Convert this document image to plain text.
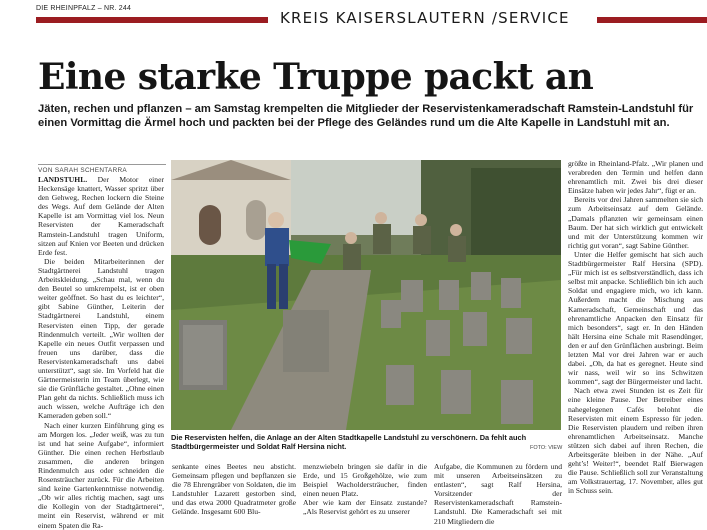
DIE RHEINPFALZ – NR. 244
KREIS KAISERSLAUTERN /SERVICE
Eine starke Truppe packt an
Jäten, rechen und pflanzen – am Samstag krempelten die Mitglieder der Reservistenkameradschaft Ramstein-Landstuhl für einen Vormittag die Ärmel hoch und packten bei der Pflege des Geländes rund um die Alte Kapelle in Landstuhl mit an.
VON SARAH SCHENTARRA

LANDSTUHL. Der Motor einer Heckensäge knattert, Wasser spritzt über den Gehweg, Rechen lockern die Steine des Wegs. Auf dem Gelände der Alten Kapelle ist am Vormittag viel los. Neun Reservisten der Kameradschaft Ramstein-Landstuhl tragen Uniform, sitzen auf Knien vor Beeten und drücken Erde fest.

Die beiden Mitarbeiterinnen der Stadtgärtnerei Landstuhl tragen Arbeitskleidung. „Schau mal, wenn du den Beutel so umkrempelst, ist er oben weiter geöffnet. So hast du es leichter“, gibt Sabine Günther, Leiterin der Stadtgärtnerei Landstuhl, einem Reservisten einen Tipp, der gerade Rindenmulch verteilt. „Wir wollten der Kapelle ein neues Outfit verpassen und freuen uns darüber, dass die Reservistenkameradschaft uns dabei unterstützt“, sagt sie. Im Vorfeld hat die Gärtnermeisterin im Team überlegt, wie sie die Grünfläche gestaltet. „Ohne einen Plan geht da nichts. Schließlich muss ich auch wissen, welche Aufträge ich den Kameraden geben soll.“

Nach einer kurzen Einführung ging es am Morgen los. „Jeder weiß, was zu tun ist und hat seine Aufgabe“, informiert Günther. Die einen rechen Herbstlaub zusammen, die anderen bringen Rindenmulch aus oder schneiden die Rosensträucher zurück. Für die Arbeiten sind keine Gartenkenntnisse notwendig. „Ob wir alles richtig machen, sagt uns die Kollegin von der Stadtgärtnerei“, meint ein Reservist, während er mit einem Spaten die Ra-

Die Reservisten helfen, die Anlage an der Alten Stadtkapelle Landstuhl zu verschönern. Da fehlt auch Stadtbürgermeister und Soldat Ralf Hersina nicht.	FOTO: VIEW

senkante eines Beetes neu absticht. Gemeinsam pflegen und bepflanzen sie die 78 Ehrengräber von Soldaten, die im Landstuhler Lazarett gestorben sind, und das etwa 2000 Quadratmeter große Gelände. Insgesamt 600 Blu-

menzwiebeln bringen sie dafür in die Erde, und 15 Großgehölze, wie zum Beispiel Wacholdersträucher, finden einen neuen Platz.
Aber wie kam der Einsatz zustande? „Als Reservist gehört es zu unserer

Aufgabe, die Kommunen zu fördern und mit unseren Arbeitseinsätzen zu entlasten“, sagt Ralf Hersina, Vorsitzender der Reservistenkameradschaft Ramstein-Landstuhl. Die Kameradschaft sei mit 210 Mitgliedern die

größte in Rheinland-Pfalz. „Wir planen und verabreden den Termin und helfen dann ehrenamtlich mit. Zwei bis drei dieser Einsätze haben wir jedes Jahr“, fügt er an.

Bereits vor drei Jahren sammelten sie sich zum Arbeitseinsatz auf dem Gelände. „Damals pflanzten wir gemeinsam einen Baum. Der hat sich wirklich gut entwickelt und mit der Unterstützung kommen wir richtig gut voran“, sagt Sabine Günther.

Unter die Helfer gemischt hat sich auch Stadtbürgermeister Ralf Hersina (SPD). „Für mich ist es selbstverständlich, dass ich selbst mit anpacke. Schließlich bin ich auch Soldat und engagiere mich, wo ich kann. Außerdem macht die Mischung aus Kameradschaft, Gemeinschaft und das ehrenamtliche Anpacken den Einsatz für mich besonders“, sagt er. In den Händen hält Hersina eine Schale mit Rasendünger, den er auf den Grünflächen ausbringt. Beim letzten Mal vor drei Jahren war er auch dabei. „Oh, da hat es geregnet. Heute sind wir nass, weil wir so ins Schwitzen kommen“, sagt der Bürgermeister und lacht.

Nach etwa zwei Stunden ist es Zeit für eine kleine Pause. Der Betreiber eines nahegelegenen Cafés belohnt die Reservisten mit einem Espresso für jeden. Die Reservisten plaudern und reiben ihren ehrenamtlichen Arbeitseinsatz. Manche stützen sich dabei auf ihren Rechen, die Arbeitsgeräte bleiben in der Nähe. „Auf geht’s! Weiter!“, beendet Ralf Bierwagen die Pause. Schließlich soll zur Veranstaltung am Volkstrauertag, 17. November, alles gut in Schuss sein.
